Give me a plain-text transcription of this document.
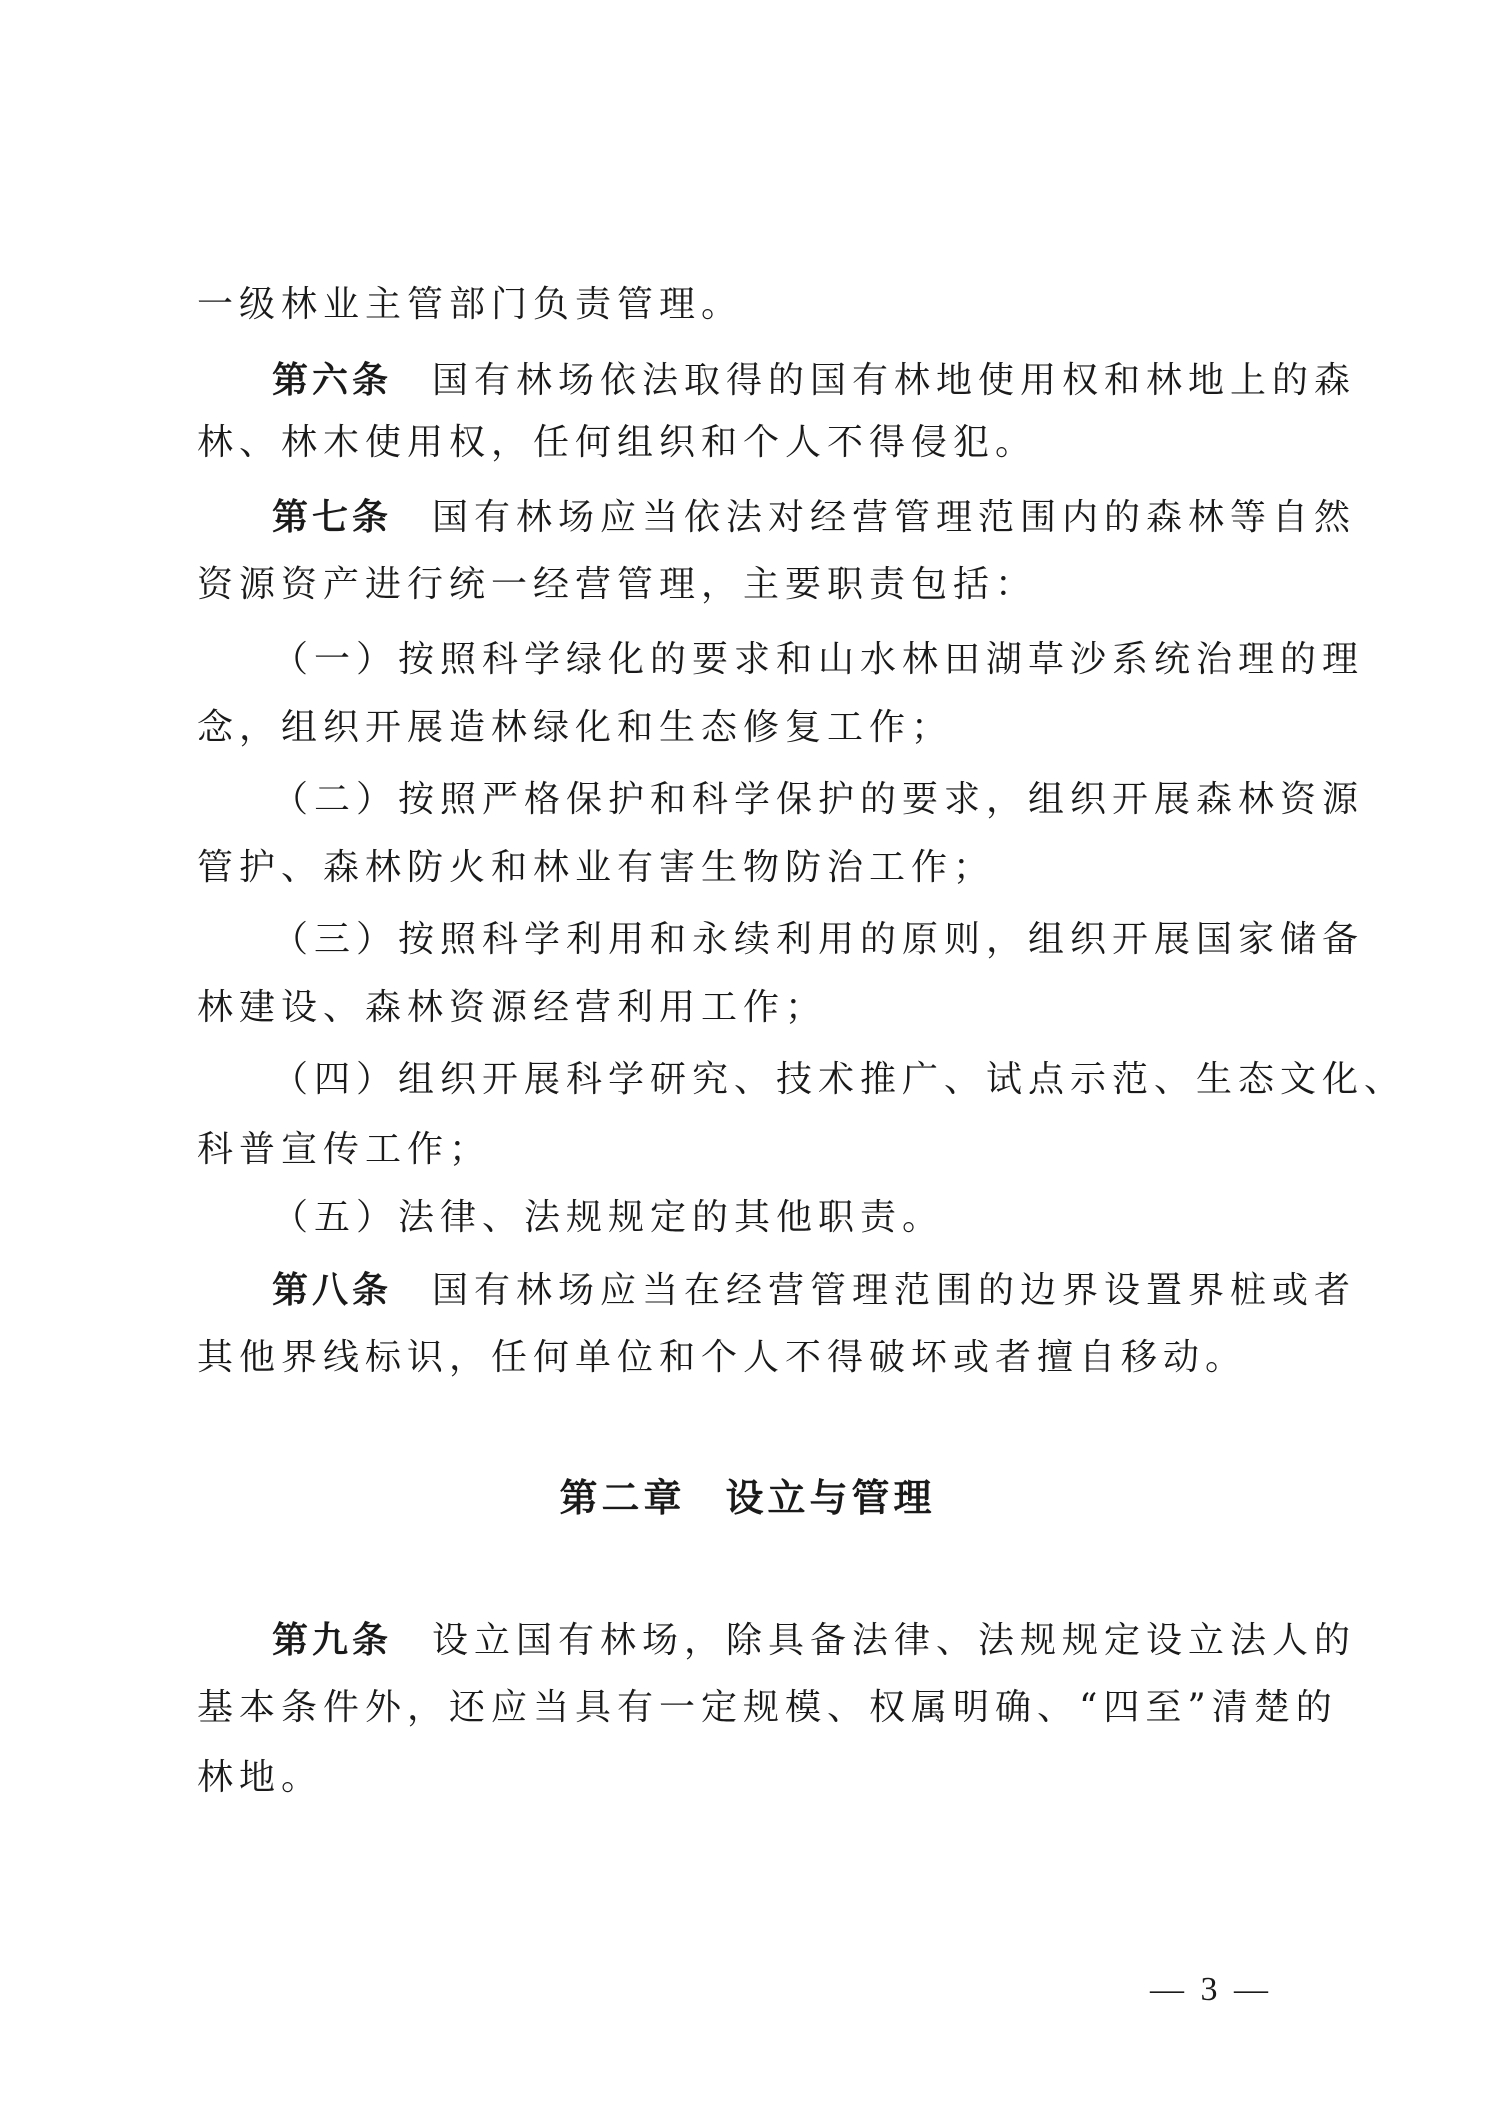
一级林业主管部门负责管理。
第六条 国有林场依法取得的国有林地使用权和林地上的森
林、林木使用权，任何组织和个人不得侵犯。
第七条 国有林场应当依法对经营管理范围内的森林等自然
资源资产进行统一经营管理，主要职责包括：
（一）按照科学绿化的要求和山水林田湖草沙系统治理的理
念，组织开展造林绿化和生态修复工作；
（二）按照严格保护和科学保护的要求，组织开展森林资源
管护、森林防火和林业有害生物防治工作；
（三）按照科学利用和永续利用的原则，组织开展国家储备
林建设、森林资源经营利用工作；
（四）组织开展科学研究、技术推广、试点示范、生态文化、
科普宣传工作；
（五）法律、法规规定的其他职责。
第八条 国有林场应当在经营管理范围的边界设置界桩或者
其他界线标识，任何单位和个人不得破坏或者擅自移动。
第二章 设立与管理
第九条 设立国有林场，除具备法律、法规规定设立法人的
基本条件外，还应当具有一定规模、权属明确、“四至”清楚的
林地。
— 3 —
